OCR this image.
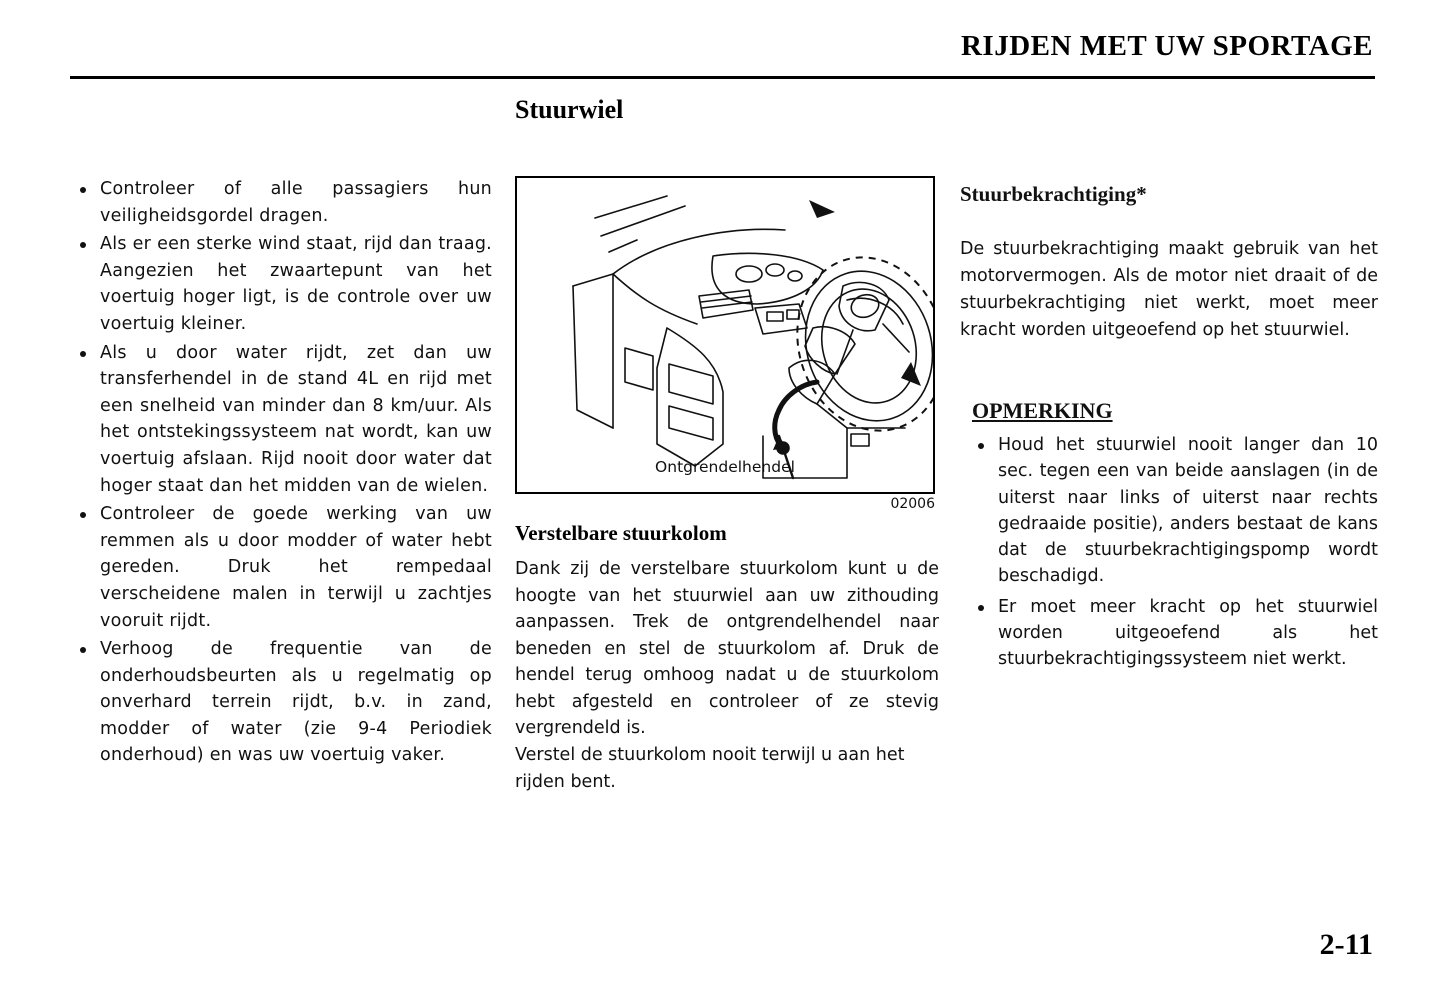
RIJDEN MET UW SPORTAGE
Stuurwiel
Controleer of alle passagiers hun veiligheidsgordel dragen.
Als er een sterke wind staat, rijd dan traag. Aangezien het zwaartepunt van het voertuig hoger ligt, is de controle over uw voertuig kleiner.
Als u door water rijdt, zet dan uw transferhendel in de stand 4L en rijd met een snelheid van minder dan 8 km/uur. Als het ontstekingssysteem nat wordt, kan uw voertuig afslaan. Rijd nooit door water dat hoger staat dan het midden van de wielen.
Controleer de goede werking van uw remmen als u door modder of water hebt gereden. Druk het rempedaal verscheidene malen in terwijl u zachtjes vooruit rijdt.
Verhoog de frequentie van de onderhoudsbeurten als u regelmatig op onverhard terrein rijdt, b.v. in zand, modder of water (zie 9-4 Periodiek onderhoud) en was uw voertuig vaker.
Ontgrendelhendel
02006
Verstelbare stuurkolom

Dank zij de verstelbare stuurkolom kunt u de hoogte van het stuurwiel aan uw zithouding aanpassen. Trek de ontgrendelhendel naar beneden en stel de stuurkolom af. Druk de hendel terug omhoog nadat u de stuurkolom hebt afgesteld en controleer of ze stevig vergrendeld is.

Verstel de stuurkolom nooit terwijl u aan het rijden bent.

Stuurbekrachtiging*
De stuurbekrachtiging maakt gebruik van het motorvermogen. Als de motor niet draait of de stuurbekrachtiging niet werkt, moet meer kracht worden uitgeoefend op het stuurwiel.
OPMERKING
Houd het stuurwiel nooit langer dan 10 sec. tegen een van beide aanslagen (in de uiterst naar links of uiterst naar rechts gedraaide positie), anders bestaat de kans dat de stuurbekrachtigingspomp wordt beschadigd.
Er moet meer kracht op het stuurwiel worden uitgeoefend als het stuurbekrachtigingssysteem niet werkt.
2-11
